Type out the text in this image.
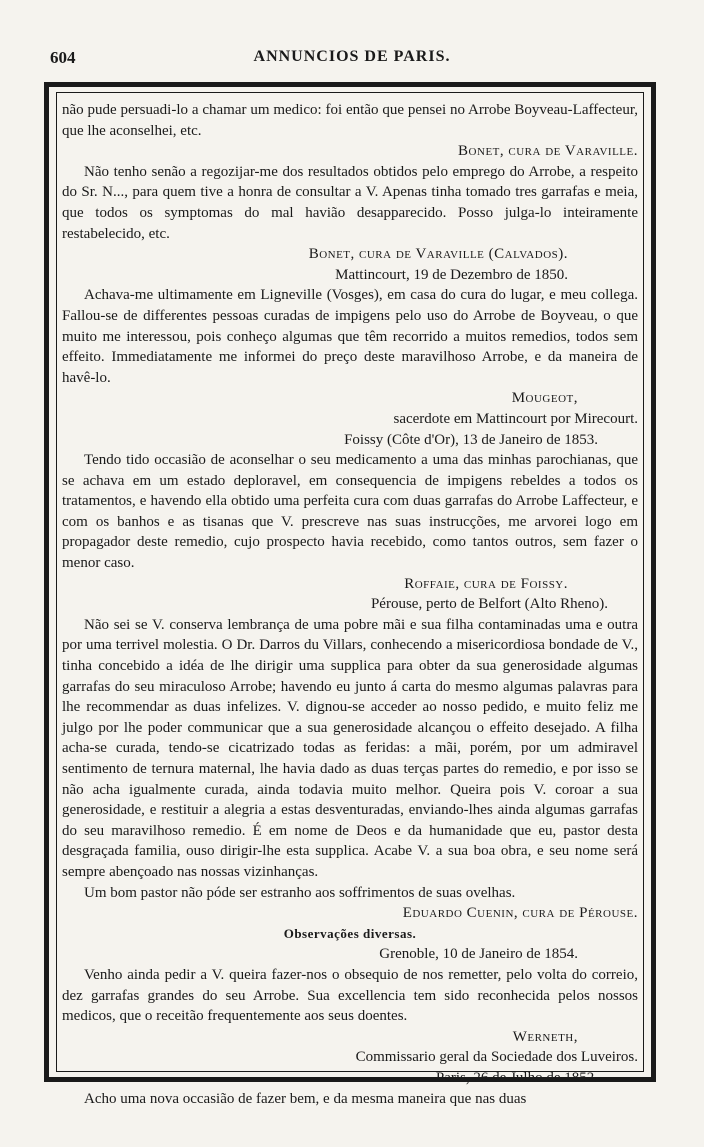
604	ANNUNCIOS DE PARIS.

não pude persuadi-lo a chamar um medico: foi então que pensei no Arrobe Boyveau-Laffecteur, que lhe aconselhei, etc.

Bonet, cura de Varaville.

Não tenho senão a regozijar-me dos resultados obtidos pelo emprego do Arrobe, a respeito do Sr. N..., para quem tive a honra de consultar a V. Apenas tinha tomado tres garrafas e meia, que todos os symptomas do mal havião desapparecido. Posso julga-lo inteiramente restabelecido, etc.

Bonet, cura de Varaville (Calvados).

Mattincourt, 19 de Dezembro de 1850.

Achava-me ultimamente em Ligneville (Vosges), em casa do cura do lugar, e meu collega. Fallou-se de differentes pessoas curadas de impigens pelo uso do Arrobe de Boyveau, o que muito me interessou, pois conheço algumas que têm recorrido a muitos remedios, todos sem effeito. Immediatamente me informei do preço deste maravilhoso Arrobe, e da maneira de havê-lo.

Mougeot,

sacerdote em Mattincourt por Mirecourt.

Foissy (Côte d'Or), 13 de Janeiro de 1853.

Tendo tido occasião de aconselhar o seu medicamento a uma das minhas parochianas, que se achava em um estado deploravel, em consequencia de impigens rebeldes a todos os tratamentos, e havendo ella obtido uma perfeita cura com duas garrafas do Arrobe Laffecteur, e com os banhos e as tisanas que V. prescreve nas suas instrucções, me arvorei logo em propagador deste remedio, cujo prospecto havia recebido, como tantos outros, sem fazer o menor caso.

Roffaie, cura de Foissy.

Pérouse, perto de Belfort (Alto Rheno).

Não sei se V. conserva lembrança de uma pobre mãi e sua filha contaminadas uma e outra por uma terrivel molestia. O Dr. Darros du Villars, conhecendo a misericordiosa bondade de V., tinha concebido a idéa de lhe dirigir uma supplica para obter da sua generosidade algumas garrafas do seu miraculoso Arrobe; havendo eu junto á carta do mesmo algumas palavras para lhe recommendar as duas infelizes. V. dignou-se acceder ao nosso pedido, e muito feliz me julgo por lhe poder communicar que a sua generosidade alcançou o effeito desejado. A filha acha-se curada, tendo-se cicatrizado todas as feridas: a mãi, porém, por um admiravel sentimento de ternura maternal, lhe havia dado as duas terças partes do remedio, e por isso se não acha igualmente curada, ainda todavia muito melhor. Queira pois V. coroar a sua generosidade, e restituir a alegria a estas desventuradas, enviando-lhes ainda algumas garrafas do seu maravilhoso remedio. É em nome de Deos e da humanidade que eu, pastor desta desgraçada familia, ouso dirigir-lhe esta supplica. Acabe V. a sua boa obra, e seu nome será sempre abençoado nas nossas vizinhanças.

Um bom pastor não póde ser estranho aos soffrimentos de suas ovelhas.

Eduardo Cuenin, cura de Pérouse.

Observações diversas.

Grenoble, 10 de Janeiro de 1854.

Venho ainda pedir a V. queira fazer-nos o obsequio de nos remetter, pelo volta do correio, dez garrafas grandes do seu Arrobe. Sua excellencia tem sido reconhecida pelos nossos medicos, que o receitão frequentemente aos seus doentes.

Werneth,

Commissario geral da Sociedade dos Luveiros.

Paris, 26 de Julho de 1852.

Acho uma nova occasião de fazer bem, e da mesma maneira que nas duas
